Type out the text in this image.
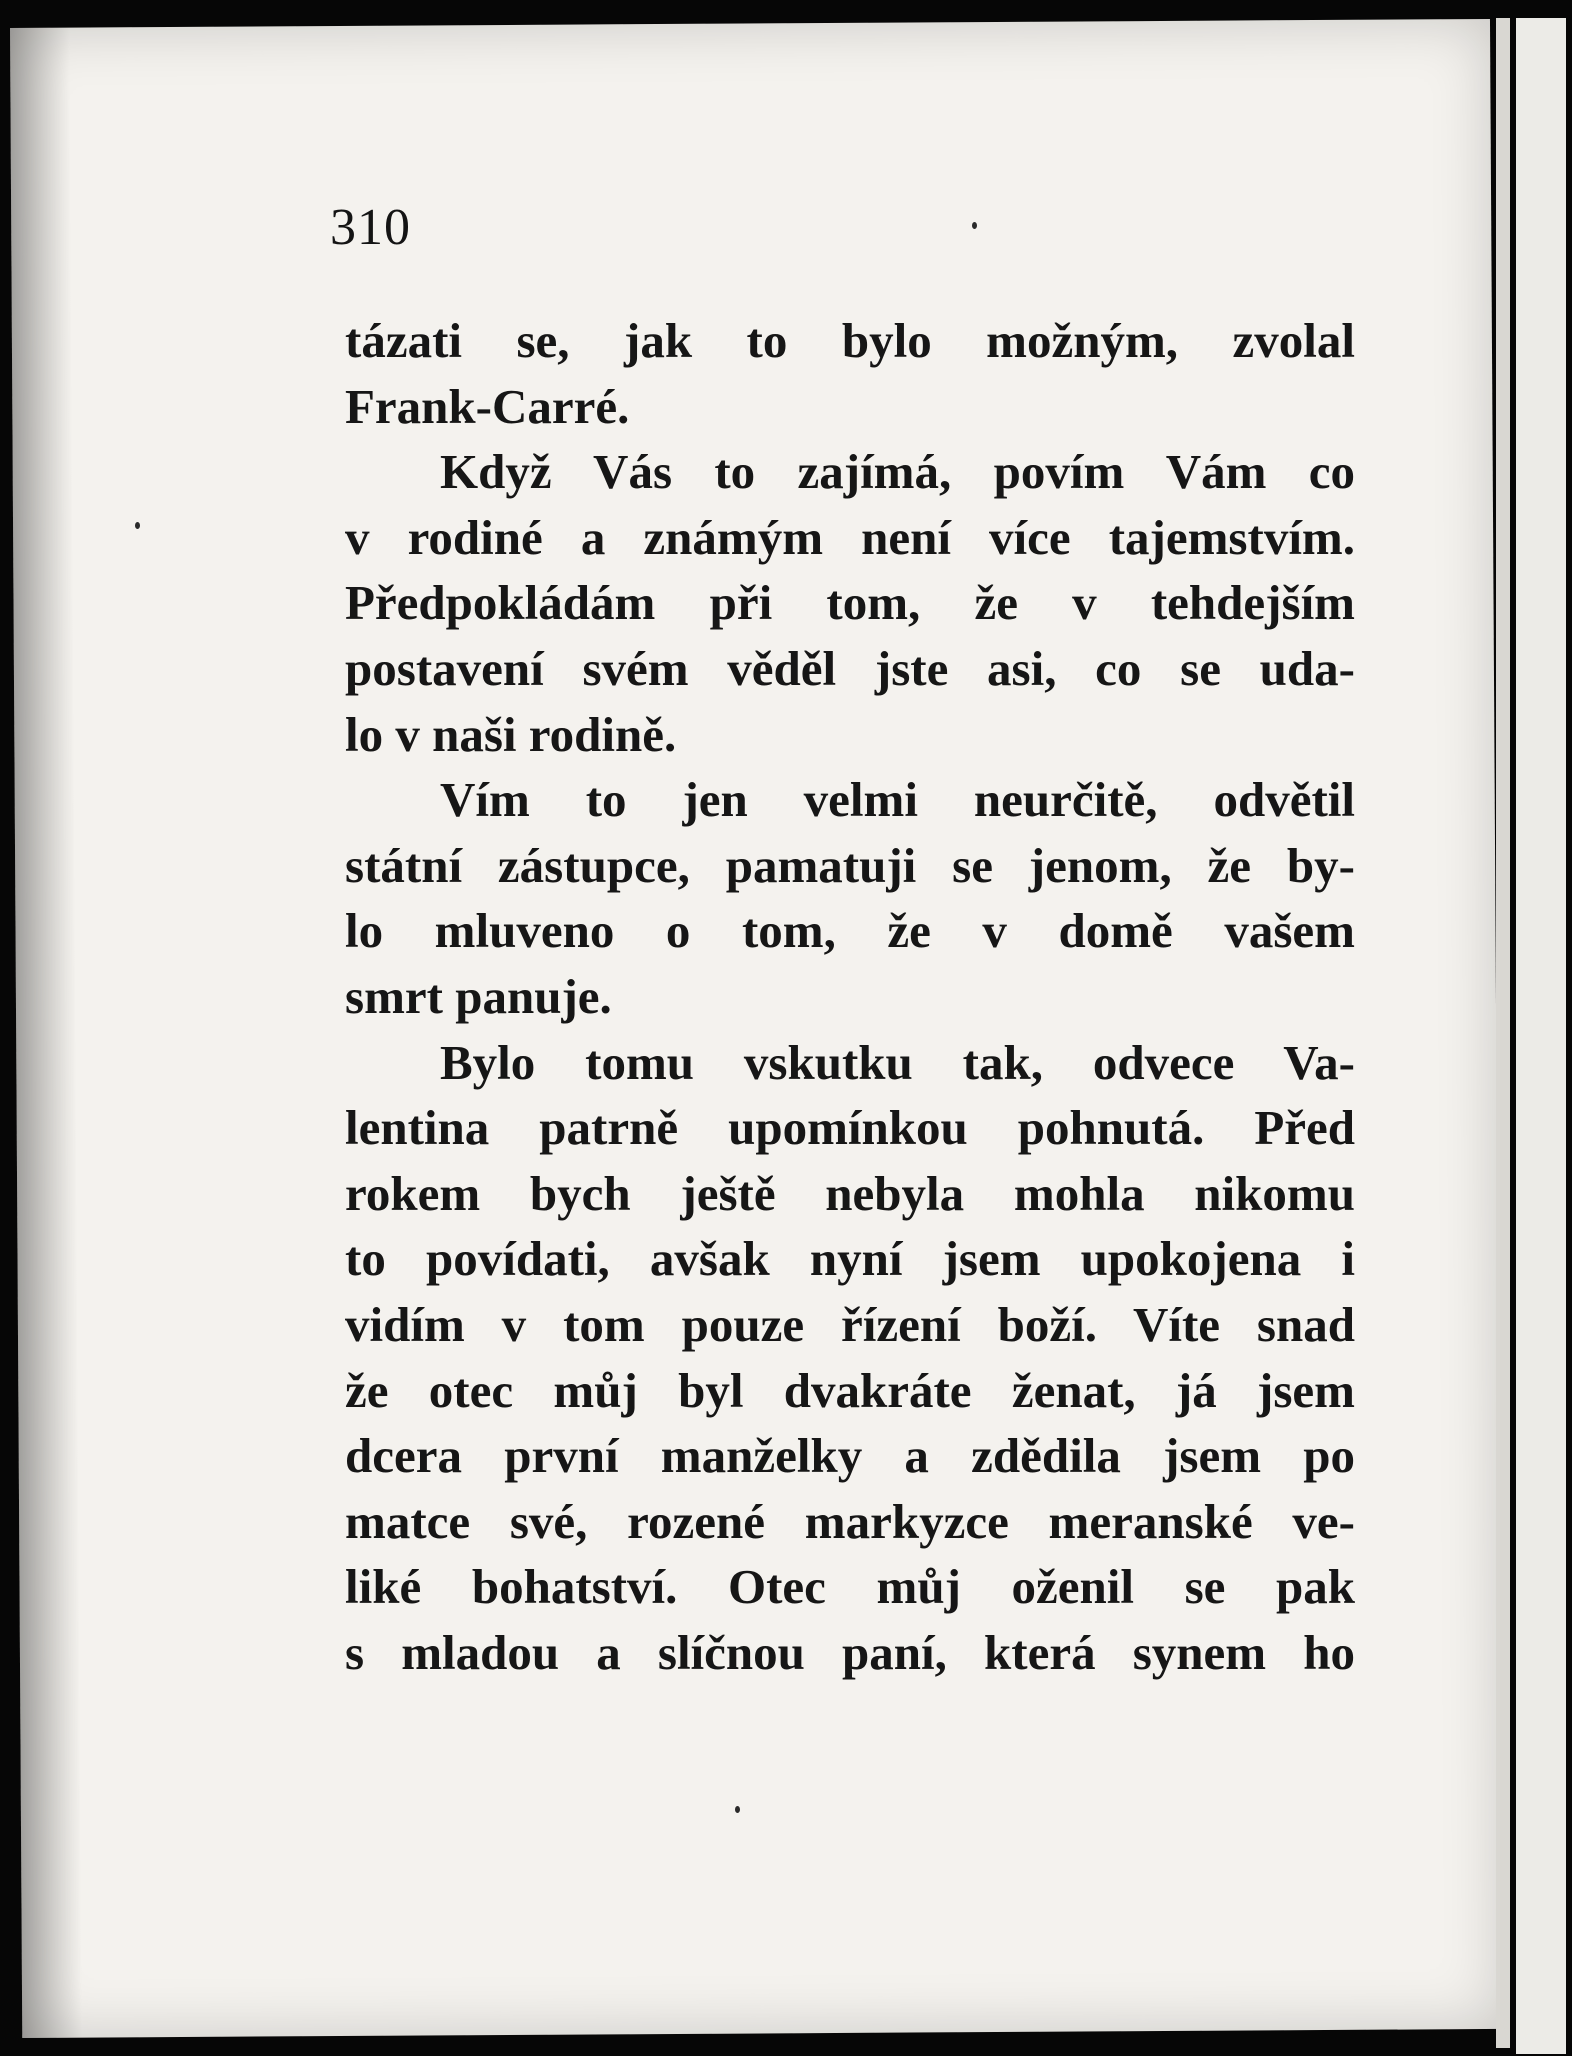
310
tázati se, jak to bylo možným, zvolal
Frank-Carré.
Když Vás to zajímá, povím Vám co
v rodiné a známým není více tajemstvím.
Předpokládám při tom, že v tehdejším
postavení svém věděl jste asi, co se uda-
lo v naši rodině.
Vím to jen velmi neurčitě, odvětil
státní zástupce, pamatuji se jenom, že by-
lo mluveno o tom, že v domě vašem
smrt panuje.
Bylo tomu vskutku tak, odvece Va-
lentina patrně upomínkou pohnutá. Před
rokem bych ještě nebyla mohla nikomu
to povídati, avšak nyní jsem upokojena i
vidím v tom pouze řízení boží. Víte snad
že otec můj byl dvakráte ženat, já jsem
dcera první manželky a zdědila jsem po
matce své, rozené markyzce meranské ve-
liké bohatství. Otec můj oženil se pak
s mladou a slíčnou paní, která synem ho
